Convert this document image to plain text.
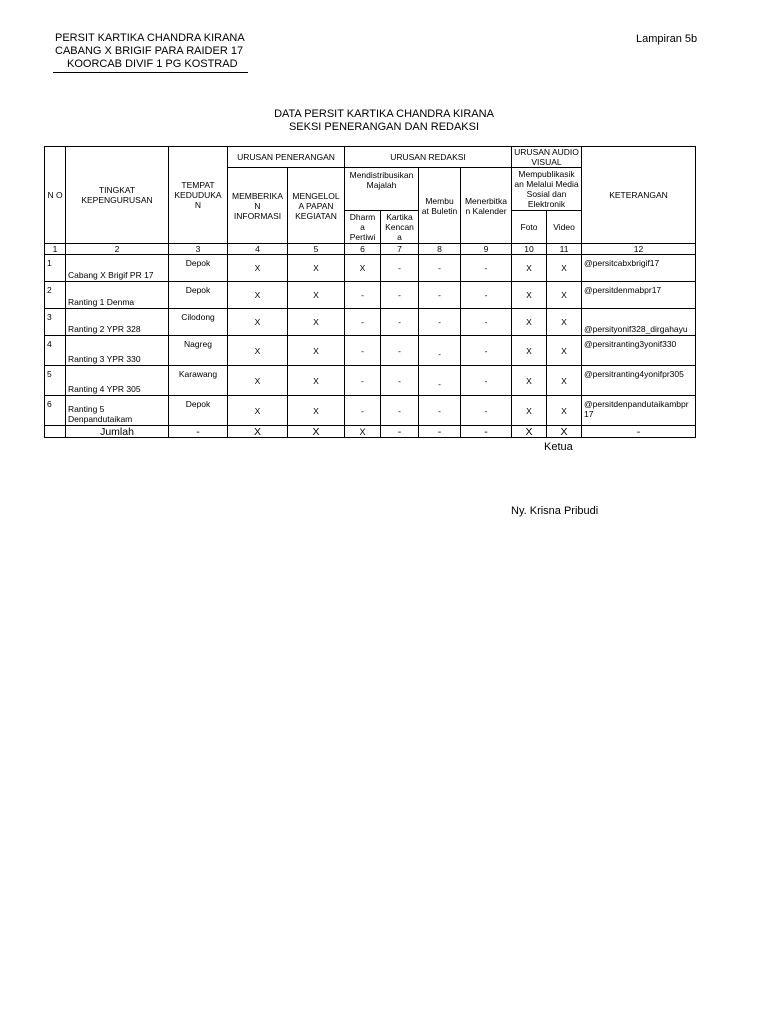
PERSIT KARTIKA CHANDRA KIRANA
CABANG X BRIGIF PARA RAIDER 17
KOORCAB DIVIF 1 PG KOSTRAD
Lampiran 5b
DATA PERSIT KARTIKA CHANDRA KIRANA
SEKSI PENERANGAN DAN REDAKSI
N O	TINGKAT KEPENGURUSAN	TEMPAT KEDUDUKA N	URUSAN PENERANGAN		URUSAN REDAKSI				URUSAN AUDIO VISUAL		KETERANGAN
			MEMBERIKA N INFORMASI	MENGELOL A PAPAN KEGIATAN	Mendistribusikan Majalah		Membu at Buletin	Menerbitka n Kalender	Mempublikasik an Melalui Media Sosial dan Elektronik		
					Dharm a Pertiwi	Kartika Kencan a			Foto	Video	
1	2	3	4	5	6	7	8	9	10	11	12
1	Cabang X Brigif PR 17	Depok	X	X	X	-	-	-	X	X	@persitcabxbrigif17
2	Ranting 1 Denma	Depok	X	X	-	-	-	-	X	X	@persitdenmabpr17
3	Ranting 2 YPR 328	Cilodong	X	X	-	-	-	-	X	X	@persityonif328_dirgahayu
4	Ranting 3 YPR 330	Nagreg	X	X	-	-	-	-	X	X	@persitranting3yonif330
5	Ranting 4 YPR 305	Karawang	X	X	-	-	-	-	X	X	@persitranting4yonifpr305
6	Ranting 5 Denpandutaikam	Depok	X	X	-	-	-	-	X	X	@persitdenpandutaikambpr 17
	Jumlah	-	X	X	X	-	-	-	X	X	-
Ketua
Ny. Krisna Pribudi
